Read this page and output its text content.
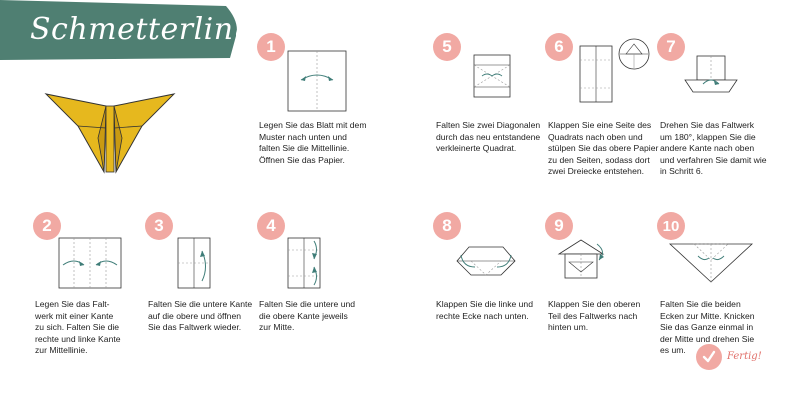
Schmetterling 1
2	3	4
5	6	7
8	9	10
Legen Sie das Blatt mit dem
Muster nach unten und
falten Sie die Mittellinie.
Öffnen Sie das Papier.
Legen Sie das Falt-
werk mit einer Kante
zu sich. Falten Sie die
rechte und linke Kante
zur Mittellinie.
Falten Sie die untere Kante
auf die obere und öffnen
Sie das Faltwerk wieder.
Falten Sie die untere und
die obere Kante jeweils
zur Mitte.
Falten Sie zwei Diagonalen
durch das neu entstandene
verkleinerte Quadrat.
Klappen Sie eine Seite des
Quadrats nach oben und
stülpen Sie das obere Papier
zu den Seiten, sodass dort
zwei Dreiecke entstehen.
Drehen Sie das Faltwerk
um 180°, klappen Sie die
andere Kante nach oben
und verfahren Sie damit wie
in Schritt 6.
Klappen Sie die linke und
rechte Ecke nach unten.
Klappen Sie den oberen
Teil des Faltwerks nach
hinten um.
Falten Sie die beiden
Ecken zur Mitte. Knicken
Sie das Ganze einmal in
der Mitte und drehen Sie
es um.
Fertig!
